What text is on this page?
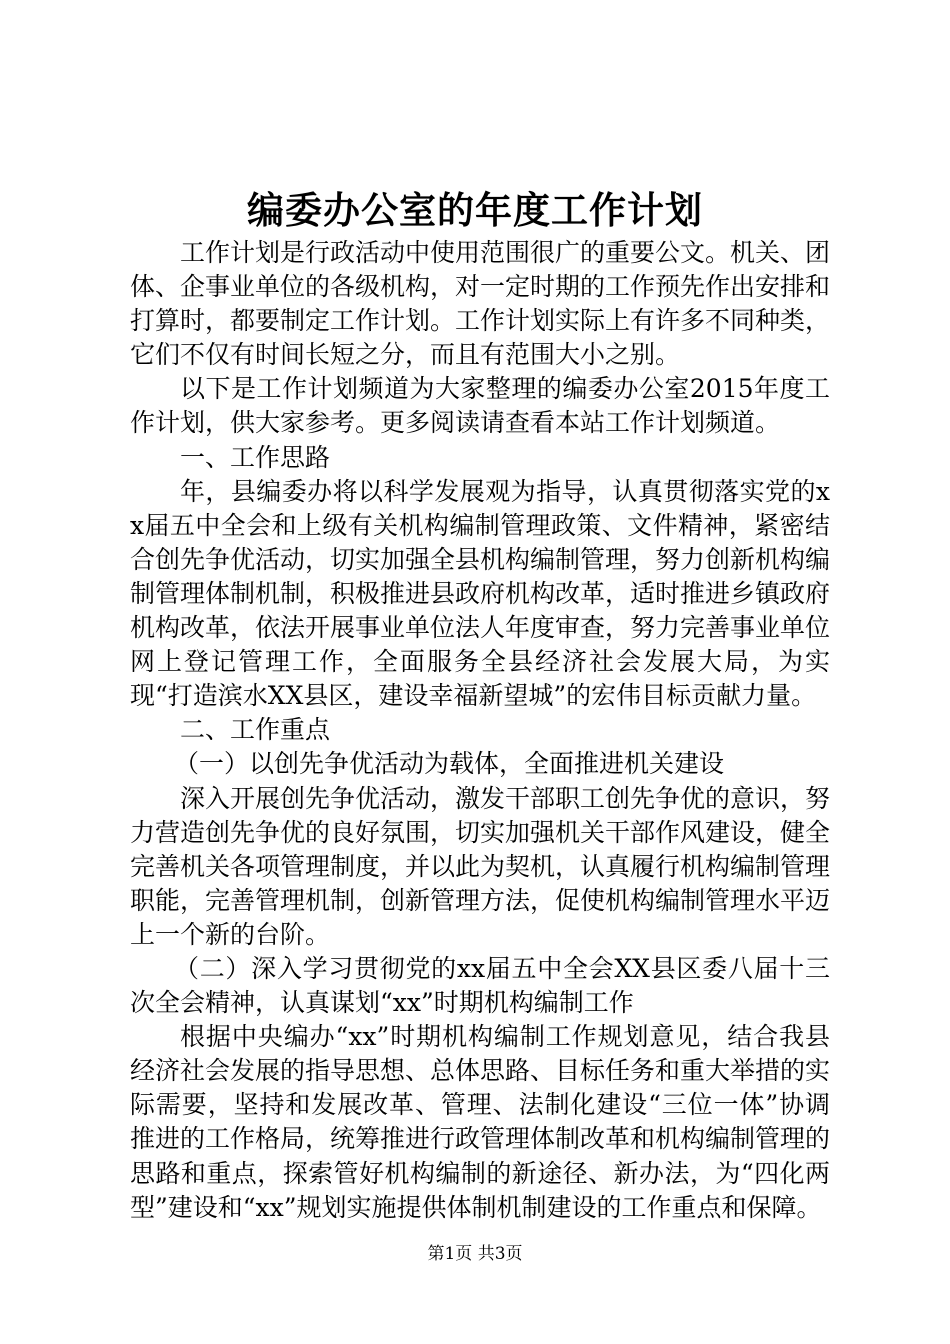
编委办公室的年度工作计划

工作计划是行政活动中使用范围很广的重要公文。机关、团体、企事业单位的各级机构，对一定时期的工作预先作出安排和打算时，都要制定工作计划。工作计划实际上有许多不同种类，它们不仅有时间长短之分，而且有范围大小之别。

以下是工作计划频道为大家整理的编委办公室2015年度工作计划，供大家参考。更多阅读请查看本站工作计划频道。

一、工作思路

年，县编委办将以科学发展观为指导，认真贯彻落实党的xx届五中全会和上级有关机构编制管理政策、文件精神，紧密结合创先争优活动，切实加强全县机构编制管理，努力创新机构编制管理体制机制，积极推进县政府机构改革，适时推进乡镇政府机构改革，依法开展事业单位法人年度审查，努力完善事业单位网上登记管理工作，全面服务全县经济社会发展大局，为实现“打造滨水XX县区，建设幸福新望城”的宏伟目标贡献力量。

二、工作重点

（一）以创先争优活动为载体，全面推进机关建设

深入开展创先争优活动，激发干部职工创先争优的意识，努力营造创先争优的良好氛围，切实加强机关干部作风建设，健全完善机关各项管理制度，并以此为契机，认真履行机构编制管理职能，完善管理机制，创新管理方法，促使机构编制管理水平迈上一个新的台阶。

（二）深入学习贯彻党的xx届五中全会XX县区委八届十三次全会精神，认真谋划“xx”时期机构编制工作

根据中央编办“xx”时期机构编制工作规划意见，结合我县经济社会发展的指导思想、总体思路、目标任务和重大举措的实际需要，坚持和发展改革、管理、法制化建设“三位一体”协调推进的工作格局，统筹推进行政管理体制改革和机构编制管理的思路和重点，探索管好机构编制的新途径、新办法，为“四化两型”建设和“xx”规划实施提供体制机制建设的工作重点和保障。

第1页 共3页
